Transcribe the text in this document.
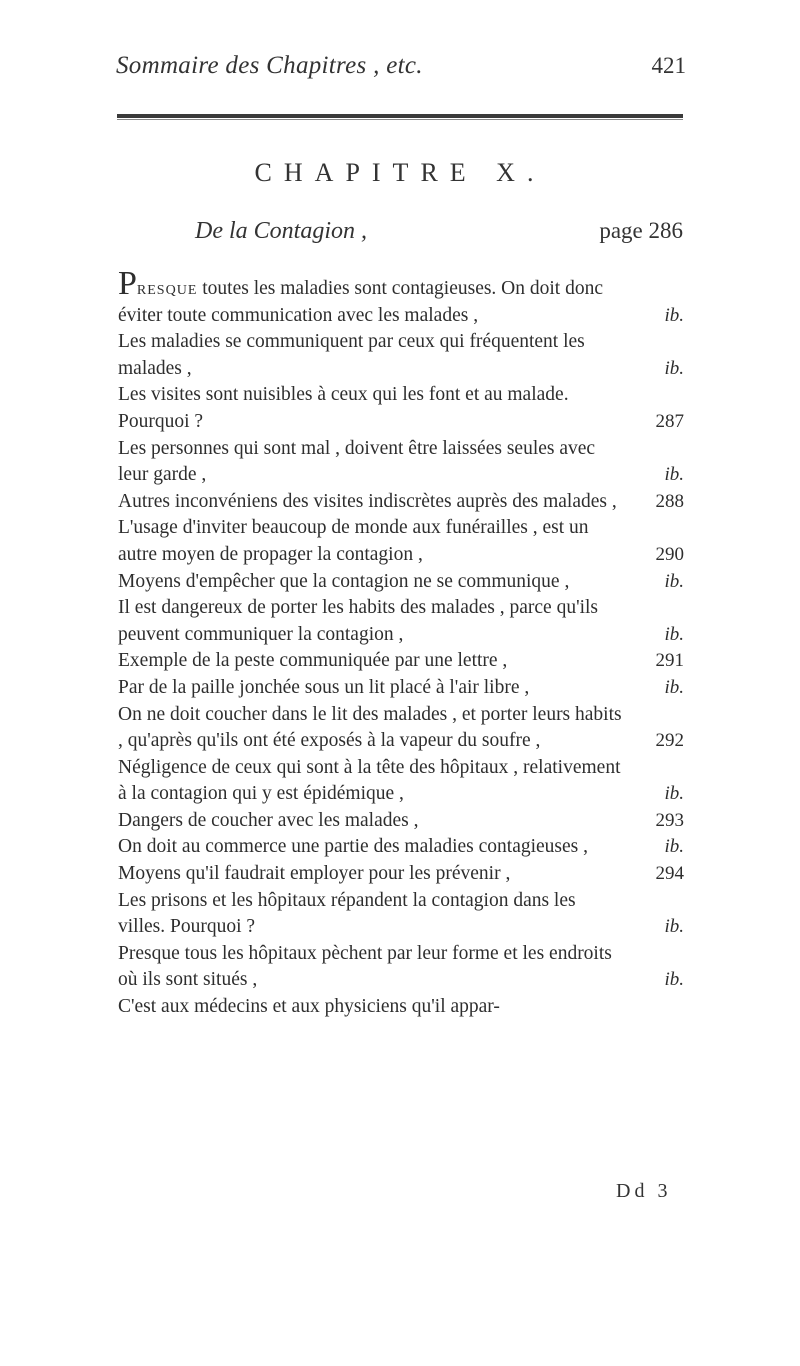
Sommaire des Chapitres , etc.	421
CHAPITRE X.
De la Contagion ,	page 286
Presque toutes les maladies sont contagieuses. On doit donc éviter toute communication avec les malades ,	ib.
Les maladies se communiquent par ceux qui fréquentent les malades ,	ib.
Les visites sont nuisibles à ceux qui les font et au malade. Pourquoi ?	287
Les personnes qui sont mal , doivent être laissées seules avec leur garde ,	ib.
Autres inconvéniens des visites indiscrètes auprès des malades ,	288
L'usage d'inviter beaucoup de monde aux funérailles , est un autre moyen de propager la contagion ,	290
Moyens d'empêcher que la contagion ne se communique ,	ib.
Il est dangereux de porter les habits des malades , parce qu'ils peuvent communiquer la contagion ,	ib.
Exemple de la peste communiquée par une lettre ,	291
Par de la paille jonchée sous un lit placé à l'air libre ,	ib.
On ne doit coucher dans le lit des malades , et porter leurs habits , qu'après qu'ils ont été exposés à la vapeur du soufre ,	292
Négligence de ceux qui sont à la tête des hôpitaux , relativement à la contagion qui y est épidémique ,	ib.
Dangers de coucher avec les malades ,	293
On doit au commerce une partie des maladies contagieuses ,	ib.
Moyens qu'il faudrait employer pour les prévenir ,	294
Les prisons et les hôpitaux répandent la contagion dans les villes. Pourquoi ?	ib.
Presque tous les hôpitaux pèchent par leur forme et les endroits où ils sont situés ,	ib.
C'est aux médecins et aux physiciens qu'il appar-
Dd 3
